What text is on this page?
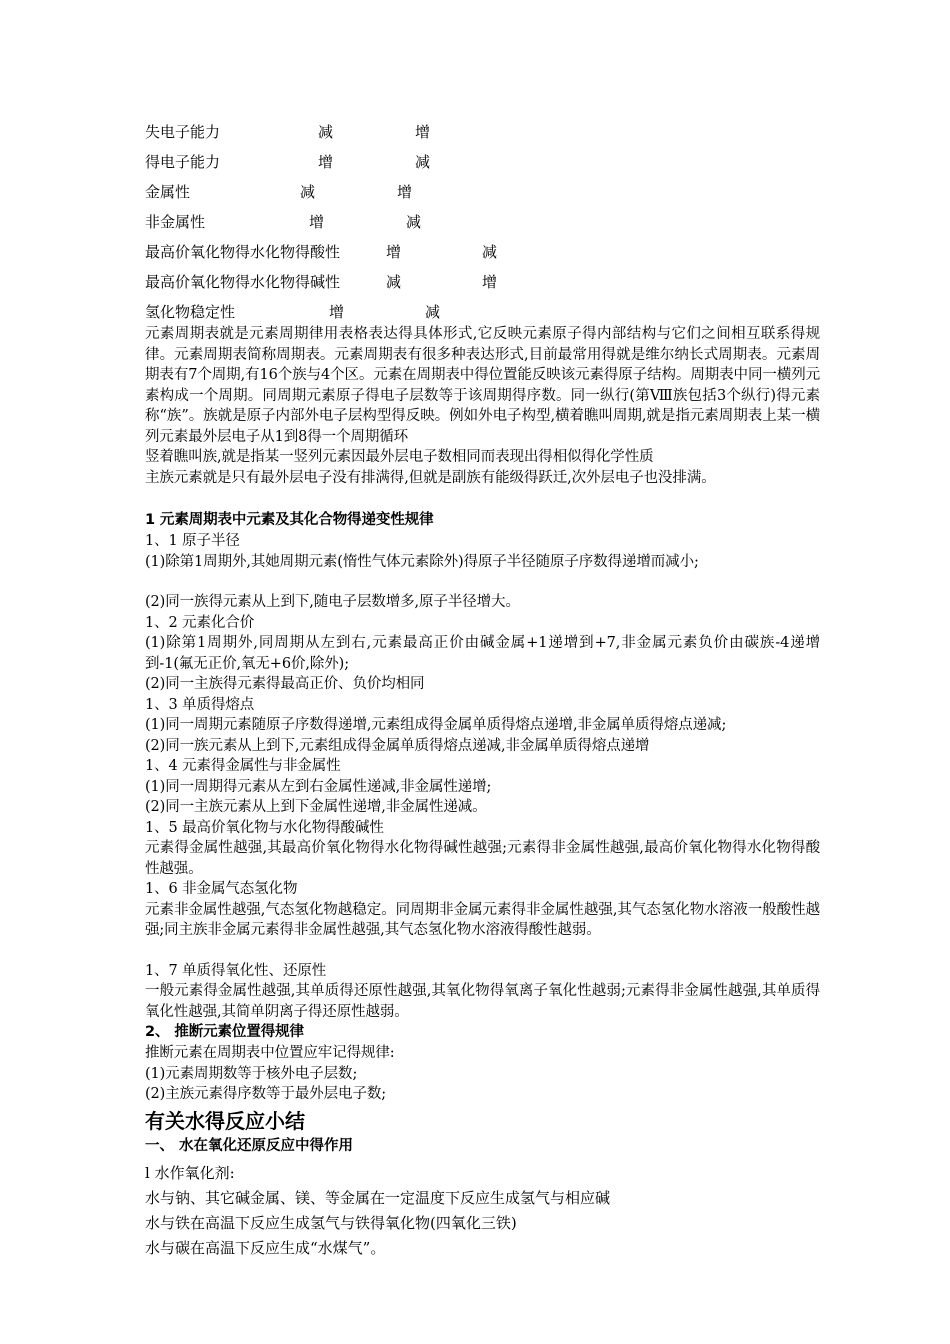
失电子能力	减	增
得电子能力	增	减
金属性	减	增
非金属性	增	减
最高价氧化物得水化物得酸性	增	减
最高价氧化物得水化物得碱性	减	增
氢化物稳定性	增	减

元素周期表就是元素周期律用表格表达得具体形式,它反映元素原子得内部结构与它们之间相互联系得规律。元素周期表简称周期表。元素周期表有很多种表达形式,目前最常用得就是维尔纳长式周期表。元素周期表有7个周期,有16个族与4个区。元素在周期表中得位置能反映该元素得原子结构。周期表中同一横列元素构成一个周期。同周期元素原子得电子层数等于该周期得序数。同一纵行(第Ⅷ族包括3个纵行)得元素称“族”。族就是原子内部外电子层构型得反映。例如外电子构型,横着瞧叫周期,就是指元素周期表上某一横列元素最外层电子从1到8得一个周期循环

竖着瞧叫族,就是指某一竖列元素因最外层电子数相同而表现出得相似得化学性质

主族元素就是只有最外层电子没有排满得,但就是副族有能级得跃迁,次外层电子也没排满。

1 元素周期表中元素及其化合物得递变性规律

1、1 原子半径

(1)除第1周期外,其她周期元素(惰性气体元素除外)得原子半径随原子序数得递增而减小;

(2)同一族得元素从上到下,随电子层数增多,原子半径增大。

1、2 元素化合价

(1)除第1周期外,同周期从左到右,元素最高正价由碱金属+1递增到+7,非金属元素负价由碳族-4递增到-1(氟无正价,氧无+6价,除外);

(2)同一主族得元素得最高正价、负价均相同

1、3 单质得熔点

(1)同一周期元素随原子序数得递增,元素组成得金属单质得熔点递增,非金属单质得熔点递减;

(2)同一族元素从上到下,元素组成得金属单质得熔点递减,非金属单质得熔点递增

1、4 元素得金属性与非金属性

(1)同一周期得元素从左到右金属性递减,非金属性递增;

(2)同一主族元素从上到下金属性递增,非金属性递减。

1、5 最高价氧化物与水化物得酸碱性

元素得金属性越强,其最高价氧化物得水化物得碱性越强;元素得非金属性越强,最高价氧化物得水化物得酸性越强。

1、6 非金属气态氢化物

元素非金属性越强,气态氢化物越稳定。同周期非金属元素得非金属性越强,其气态氢化物水溶液一般酸性越强;同主族非金属元素得非金属性越强,其气态氢化物水溶液得酸性越弱。

1、7 单质得氧化性、还原性

一般元素得金属性越强,其单质得还原性越强,其氧化物得氧离子氧化性越弱;元素得非金属性越强,其单质得氧化性越强,其简单阴离子得还原性越弱。

2、 推断元素位置得规律

推断元素在周期表中位置应牢记得规律:

(1)元素周期数等于核外电子层数;

(2)主族元素得序数等于最外层电子数;

有关水得反应小结

一、 水在氧化还原反应中得作用

l 水作氧化剂:

水与钠、其它碱金属、镁、等金属在一定温度下反应生成氢气与相应碱

水与铁在高温下反应生成氢气与铁得氧化物(四氧化三铁)

水与碳在高温下反应生成“水煤气”。
